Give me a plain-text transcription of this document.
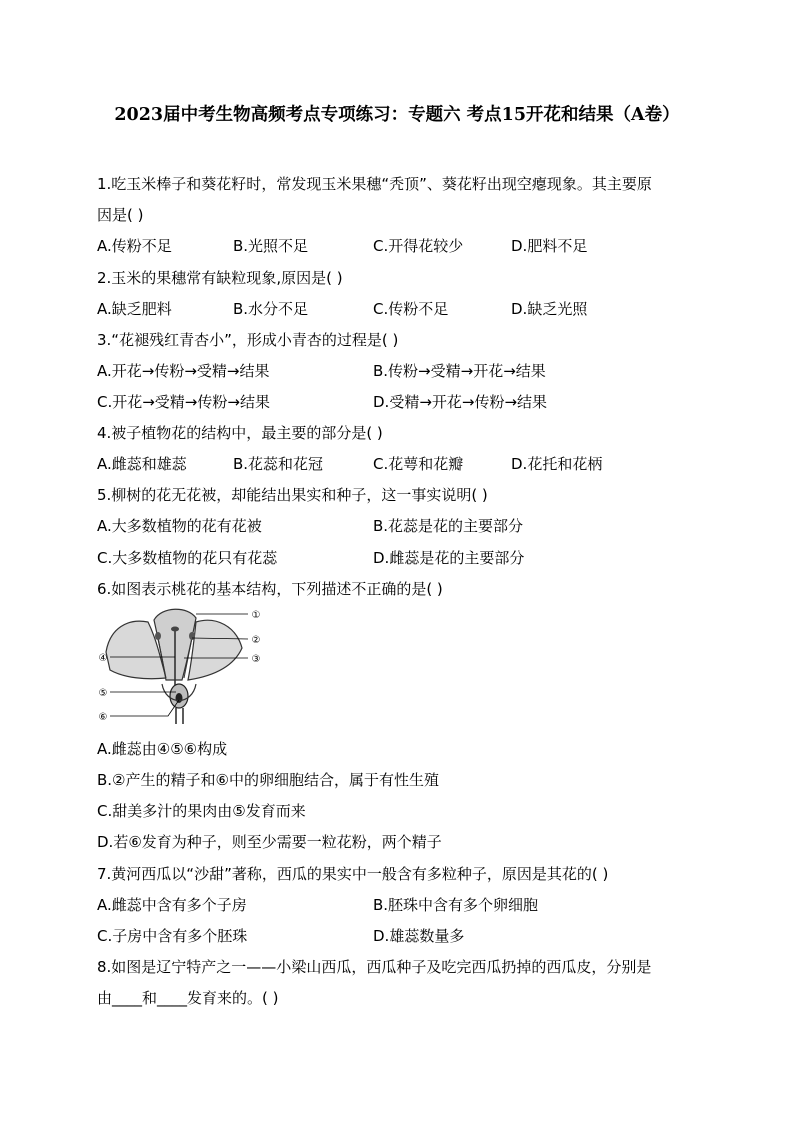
2023届中考生物高频考点专项练习：专题六 考点15开花和结果（A卷）
1.吃玉米棒子和葵花籽时，常发现玉米果穗“秃顶”、葵花籽出现空瘪现象。其主要原
因是( )
A.传粉不足	B.光照不足	C.开得花较少	D.肥料不足
2.玉米的果穗常有缺粒现象,原因是( )
A.缺乏肥料	B.水分不足	C.传粉不足	D.缺乏光照
3.“花褪残红青杏小”，形成小青杏的过程是( )
A.开花→传粉→受精→结果	B.传粉→受精→开花→结果
C.开花→受精→传粉→结果	D.受精→开花→传粉→结果
4.被子植物花的结构中，最主要的部分是( )
A.雌蕊和雄蕊	B.花蕊和花冠	C.花萼和花瓣	D.花托和花柄
5.柳树的花无花被，却能结出果实和种子，这一事实说明( )
A.大多数植物的花有花被	B.花蕊是花的主要部分
C.大多数植物的花只有花蕊	D.雌蕊是花的主要部分
6.如图表示桃花的基本结构，下列描述不正确的是( )
①
②
③
④
⑤
⑥
A.雌蕊由④⑤⑥构成
B.②产生的精子和⑥中的卵细胞结合，属于有性生殖
C.甜美多汁的果肉由⑤发育而来
D.若⑥发育为种子，则至少需要一粒花粉，两个精子
7.黄河西瓜以“沙甜”著称，西瓜的果实中一般含有多粒种子，原因是其花的( )
A.雌蕊中含有多个子房	B.胚珠中含有多个卵细胞
C.子房中含有多个胚珠	D.雄蕊数量多
8.如图是辽宁特产之一——小梁山西瓜，西瓜种子及吃完西瓜扔掉的西瓜皮，分别是
由____和____发育来的。( )
